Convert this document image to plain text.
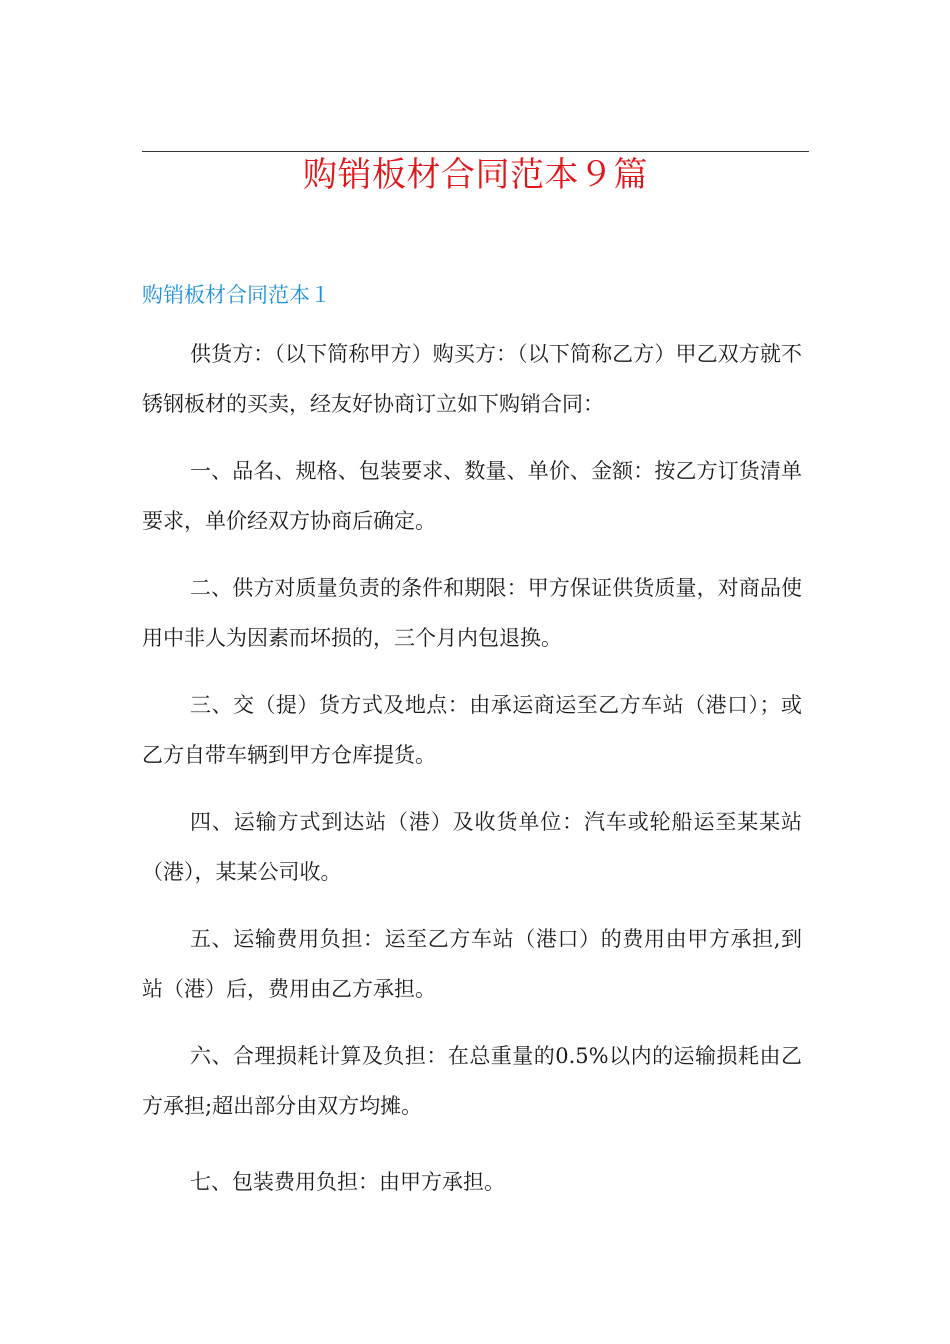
购销板材合同范本９篇
购销板材合同范本１

供货方：（以下简称甲方）购买方：（以下简称乙方）甲乙双方就不锈钢板材的买卖，经友好协商订立如下购销合同：

一、品名、规格、包装要求、数量、单价、金额：按乙方订货清单要求，单价经双方协商后确定。

二、供方对质量负责的条件和期限：甲方保证供货质量，对商品使用中非人为因素而坏损的，三个月内包退换。

三、交（提）货方式及地点：由承运商运至乙方车站（港口）；或乙方自带车辆到甲方仓库提货。

四、运输方式到达站（港）及收货单位：汽车或轮船运至某某站（港），某某公司收。

五、运输费用负担：运至乙方车站（港口）的费用由甲方承担,到站（港）后，费用由乙方承担。

六、合理损耗计算及负担：在总重量的0.5%以内的运输损耗由乙方承担;超出部分由双方均摊。

七、包装费用负担：由甲方承担。
